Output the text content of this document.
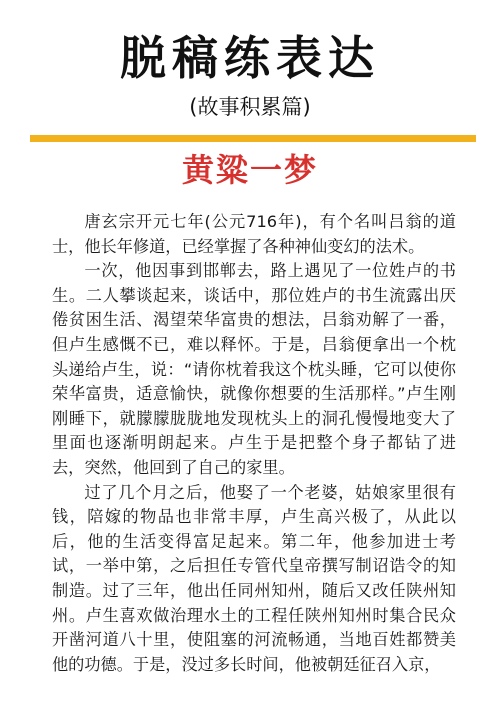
脱稿练表达
(故事积累篇)
黄粱一梦

唐玄宗开元七年(公元716年)，有个名叫吕翁的道士，他长年修道，已经掌握了各种神仙变幻的法术。

一次，他因事到邯郸去，路上遇见了一位姓卢的书生。二人攀谈起来，谈话中，那位姓卢的书生流露出厌倦贫困生活、渴望荣华富贵的想法，吕翁劝解了一番，但卢生感慨不已，难以释怀。于是，吕翁便拿出一个枕头递给卢生，说：“请你枕着我这个枕头睡，它可以使你荣华富贵，适意愉快，就像你想要的生活那样。”卢生刚刚睡下，就朦朦胧胧地发现枕头上的洞孔慢慢地变大了里面也逐渐明朗起来。卢生于是把整个身子都钻了进去，突然，他回到了自己的家里。

过了几个月之后，他娶了一个老婆，姑娘家里很有钱，陪嫁的物品也非常丰厚，卢生高兴极了，从此以后，他的生活变得富足起来。第二年，他参加进士考试，一举中第，之后担任专管代皇帝撰写制诏诰令的知制造。过了三年，他出任同州知州，随后又改任陕州知州。卢生喜欢做治理水土的工程任陕州知州时集合民众开凿河道八十里，使阻塞的河流畅通，当地百姓都赞美他的功德。于是，没过多长时间，他被朝廷征召入京，
